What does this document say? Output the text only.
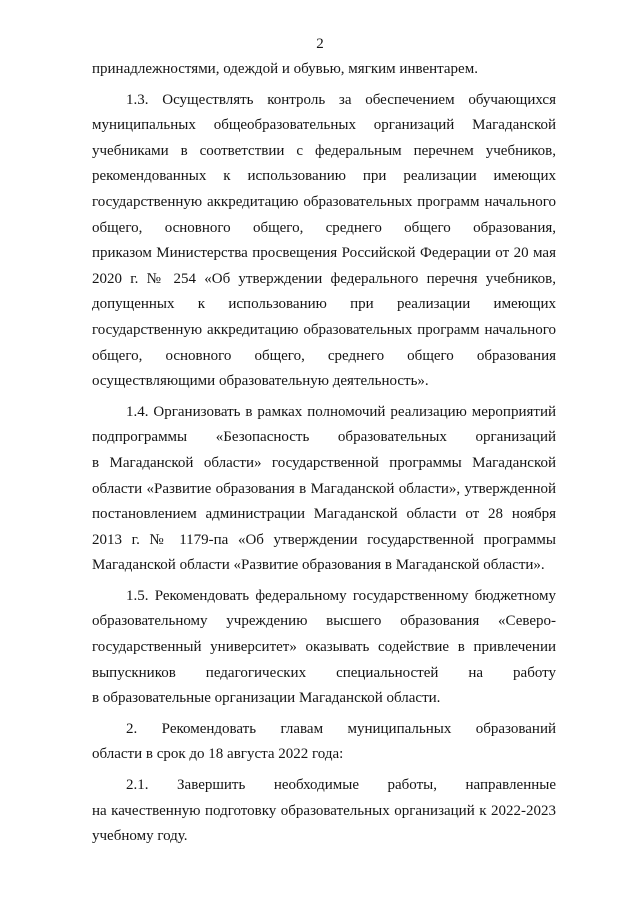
2
принадлежностями, одеждой и обувью, мягким инвентарем.
1.3. Осуществлять контроль за обеспечением обучающихся
муниципальных общеобразовательных организаций Магаданской
учебниками в соответствии с федеральным перечнем учебников,
рекомендованных к использованию при реализации имеющих
государственную аккредитацию образовательных программ начального
общего, основного общего, среднего общего образования,
приказом Министерства просвещения Российской Федерации от 20 мая
2020 г. № 254 «Об утверждении федерального перечня учебников,
допущенных к использованию при реализации имеющих
государственную аккредитацию образовательных программ начального
общего, основного общего, среднего общего образования
осуществляющими образовательную деятельность».
1.4. Организовать в рамках полномочий реализацию мероприятий
подпрограммы «Безопасность образовательных организаций
в Магаданской области» государственной программы Магаданской
области «Развитие образования в Магаданской области», утвержденной
постановлением администрации Магаданской области от 28 ноября
2013 г. № 1179-па «Об утверждении государственной программы
Магаданской области «Развитие образования в Магаданской области».
1.5. Рекомендовать федеральному государственному бюджетному
образовательному учреждению высшего образования «Северо-
государственный университет» оказывать содействие в привлечении
выпускников педагогических специальностей на работу
в образовательные организации Магаданской области.
2. Рекомендовать главам муниципальных образований
области в срок до 18 августа 2022 года:
2.1. Завершить необходимые работы, направленные
на качественную подготовку образовательных организаций к 2022-2023
учебному году.
